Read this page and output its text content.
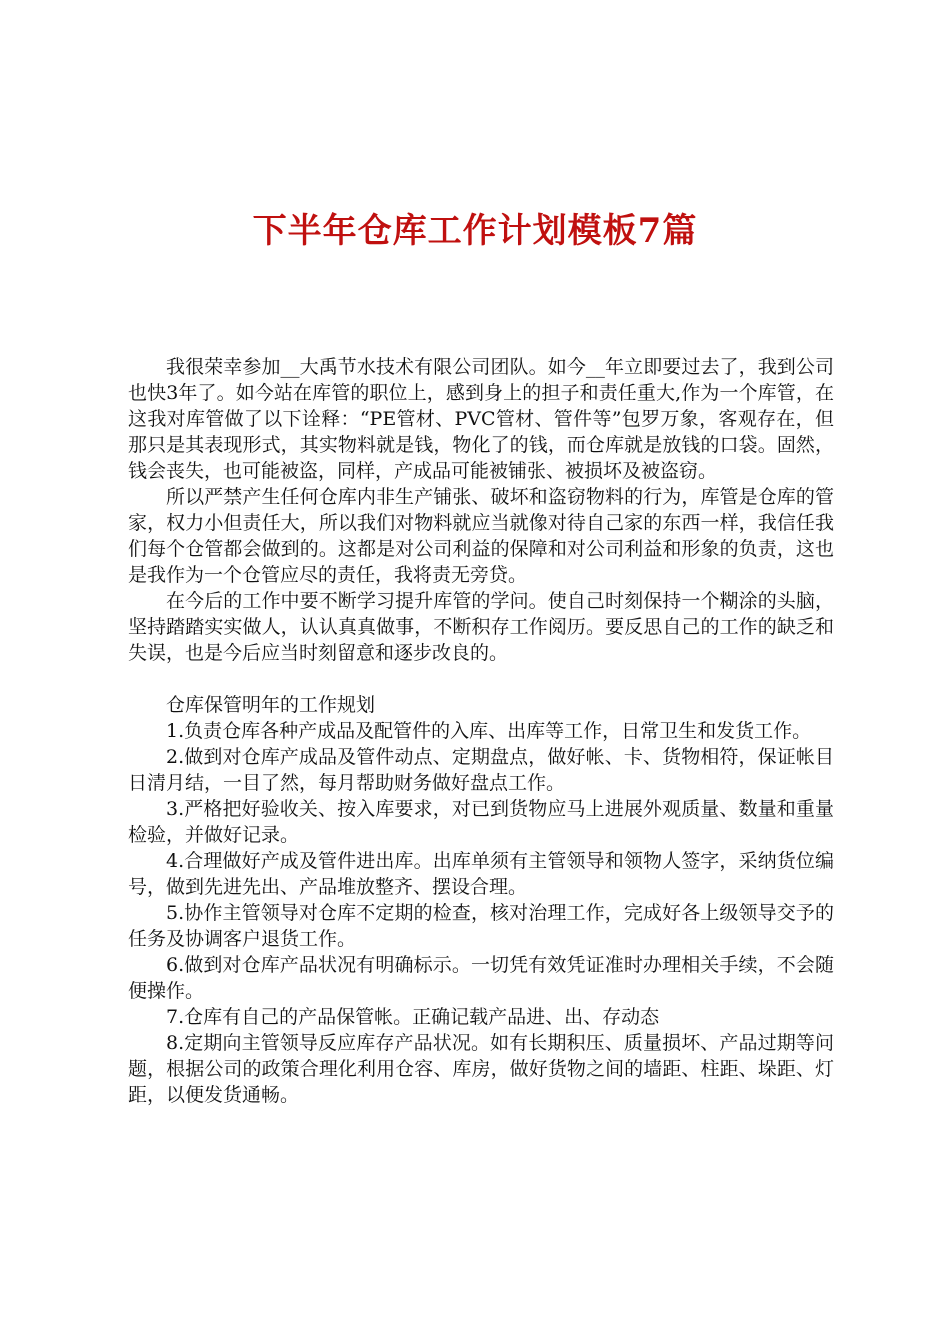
下半年仓库工作计划模板7篇

我很荣幸参加__大禹节水技术有限公司团队。如今__年立即要过去了，我到公司也快3年了。如今站在库管的职位上，感到身上的担子和责任重大,作为一个库管，在这我对库管做了以下诠释：“PE管材、PVC管材、管件等”包罗万象，客观存在，但那只是其表现形式，其实物料就是钱，物化了的钱，而仓库就是放钱的口袋。固然，钱会丧失，也可能被盗，同样，产成品可能被铺张、被损坏及被盗窃。

所以严禁产生任何仓库内非生产铺张、破坏和盗窃物料的行为，库管是仓库的管家，权力小但责任大，所以我们对物料就应当就像对待自己家的东西一样，我信任我们每个仓管都会做到的。这都是对公司利益的保障和对公司利益和形象的负责，这也是我作为一个仓管应尽的责任，我将责无旁贷。

在今后的工作中要不断学习提升库管的学问。使自己时刻保持一个糊涂的头脑，坚持踏踏实实做人，认认真真做事，不断积存工作阅历。要反思自己的工作的缺乏和失误，也是今后应当时刻留意和逐步改良的。

仓库保管明年的工作规划

1.负责仓库各种产成品及配管件的入库、出库等工作，日常卫生和发货工作。

2.做到对仓库产成品及管件动点、定期盘点，做好帐、卡、货物相符，保证帐目日清月结，一目了然，每月帮助财务做好盘点工作。

3.严格把好验收关、按入库要求，对已到货物应马上进展外观质量、数量和重量检验，并做好记录。

4.合理做好产成及管件进出库。出库单须有主管领导和领物人签字，采纳货位编号，做到先进先出、产品堆放整齐、摆设合理。

5.协作主管领导对仓库不定期的检查，核对治理工作，完成好各上级领导交予的任务及协调客户退货工作。

6.做到对仓库产品状况有明确标示。一切凭有效凭证准时办理相关手续，不会随便操作。

7.仓库有自己的产品保管帐。正确记载产品进、出、存动态

8.定期向主管领导反应库存产品状况。如有长期积压、质量损坏、产品过期等问题，根据公司的政策合理化利用仓容、库房，做好货物之间的墙距、柱距、垛距、灯距，以便发货通畅。
